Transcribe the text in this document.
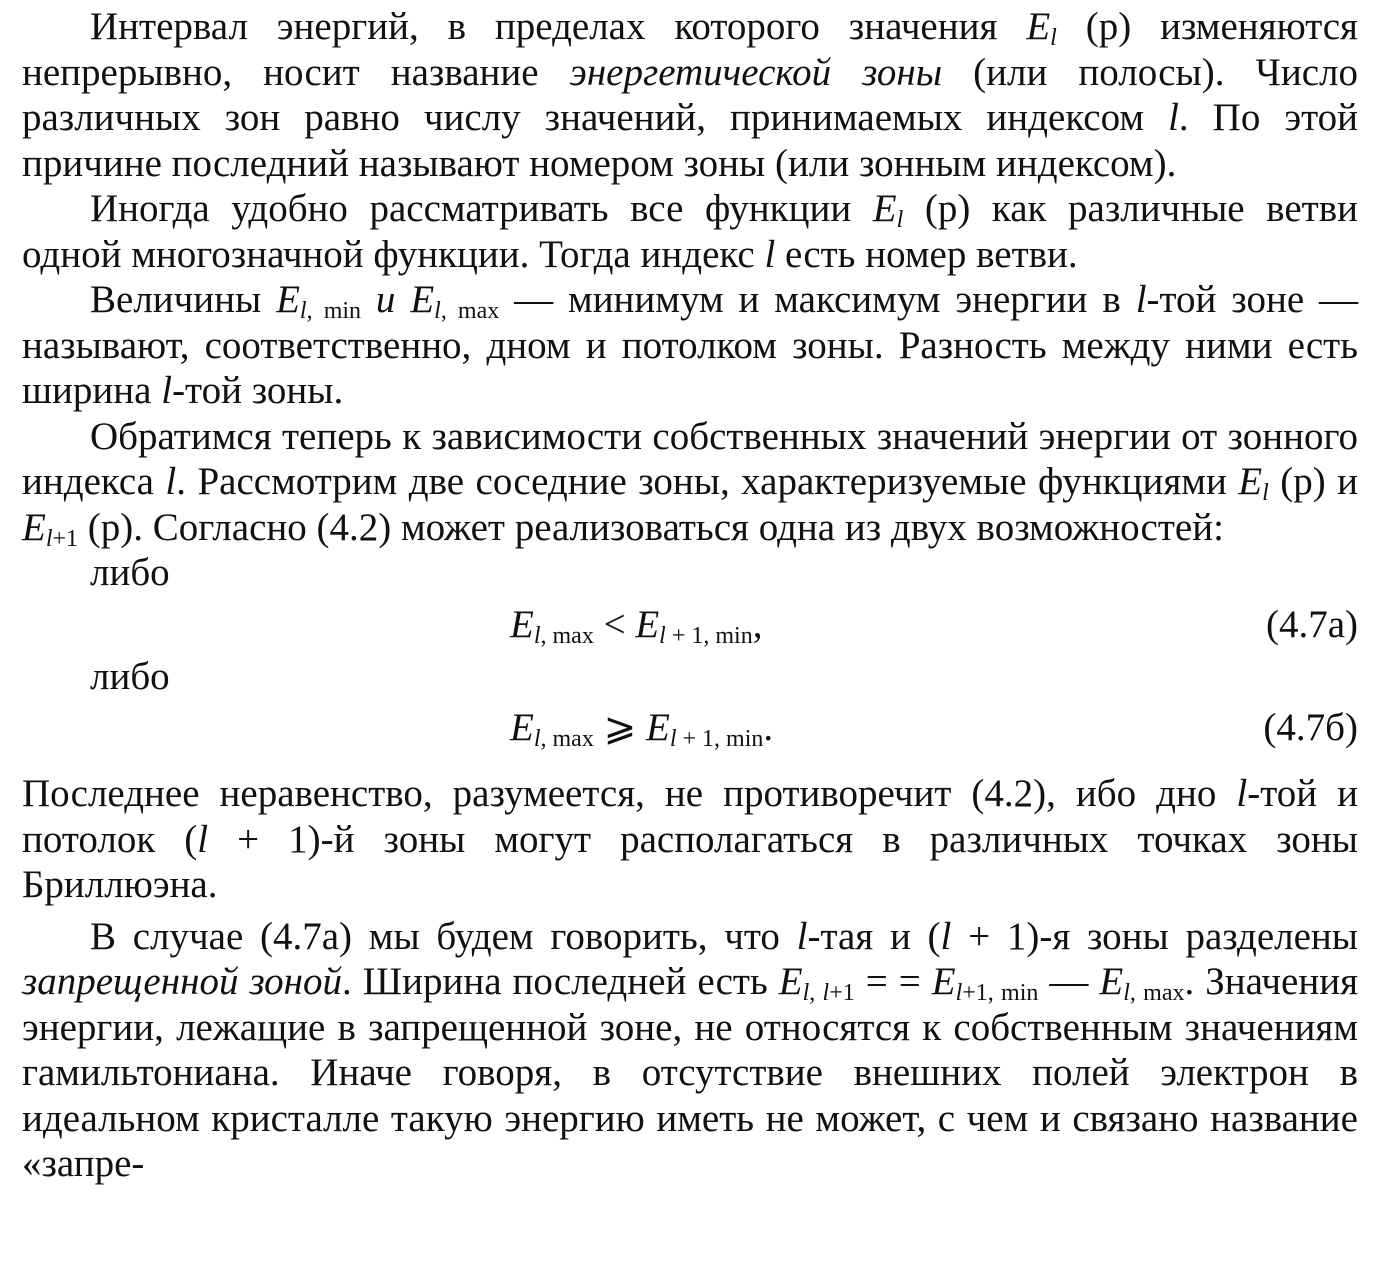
Интервал энергий, в пределах которого значения $E_l$ (p) изменяются непрерывно, носит название энергетической зоны (или полосы). Число различных зон равно числу значений, принимаемых индексом l. По этой причине последний называют номером зоны (или зонным индексом).

Иногда удобно рассматривать все функции $E_l$ (p) как различные ветви одной многозначной функции. Тогда индекс l есть номер ветви.

Величины $E_{l, min}$ и $E_{l, max}$ — минимум и максимум энергии в l-той зоне — называют, соответственно, дном и потолком зоны. Разность между ними есть ширина l-той зоны.

Обратимся теперь к зависимости собственных значений энергии от зонного индекса l. Рассмотрим две соседние зоны, характеризуемые функциями $E_l$ (p) и $E_{l+1}$ (p). Согласно (4.2) может реализоваться одна из двух возможностей:

либо

$E_{l, max} < E_{l + 1, min}$,	(4.7а)

либо

$E_{l, max}$ ⩾ $E_{l + 1, min}$.	(4.7б)

Последнее неравенство, разумеется, не противоречит (4.2), ибо дно l-той и потолок (l + 1)-й зоны могут располагаться в различных точках зоны Бриллюэна.

В случае (4.7а) мы будем говорить, что l-тая и (l + 1)-я зоны разделены запрещенной зоной. Ширина последней есть $E_{l, l+1}$ = = $E_{l+1, min}$ — $E_{l, max}$. Значения энергии, лежащие в запрещенной зоне, не относятся к собственным значениям гамильтониана. Иначе говоря, в отсутствие внешних полей электрон в идеальном кристалле такую энергию иметь не может, с чем и связано название «запре-
